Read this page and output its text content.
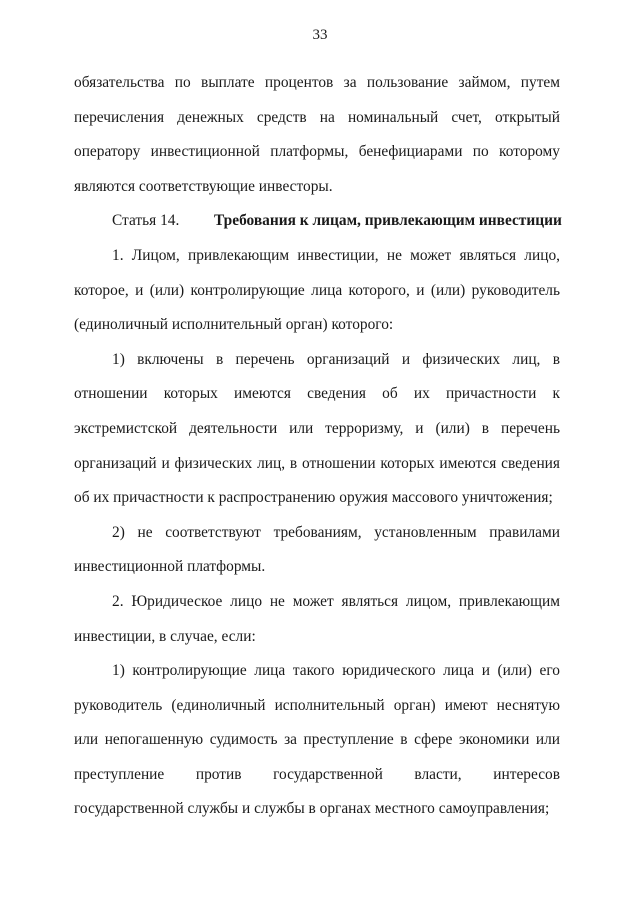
33

обязательства по выплате процентов за пользование займом, путем перечисления денежных средств на номинальный счет, открытый оператору инвестиционной платформы, бенефициарами по которому являются соответствующие инвесторы.

Статья 14. Требования к лицам, привлекающим инвестиции

1. Лицом, привлекающим инвестиции, не может являться лицо, которое, и (или) контролирующие лица которого, и (или) руководитель (единоличный исполнительный орган) которого:

1) включены в перечень организаций и физических лиц, в отношении которых имеются сведения об их причастности к экстремистской деятельности или терроризму, и (или) в перечень организаций и физических лиц, в отношении которых имеются сведения об их причастности к распространению оружия массового уничтожения;

2) не соответствуют требованиям, установленным правилами инвестиционной платформы.

2. Юридическое лицо не может являться лицом, привлекающим инвестиции, в случае, если:

1) контролирующие лица такого юридического лица и (или) его руководитель (единоличный исполнительный орган) имеют неснятую или непогашенную судимость за преступление в сфере экономики или преступление против государственной власти, интересов государственной службы и службы в органах местного самоуправления;
